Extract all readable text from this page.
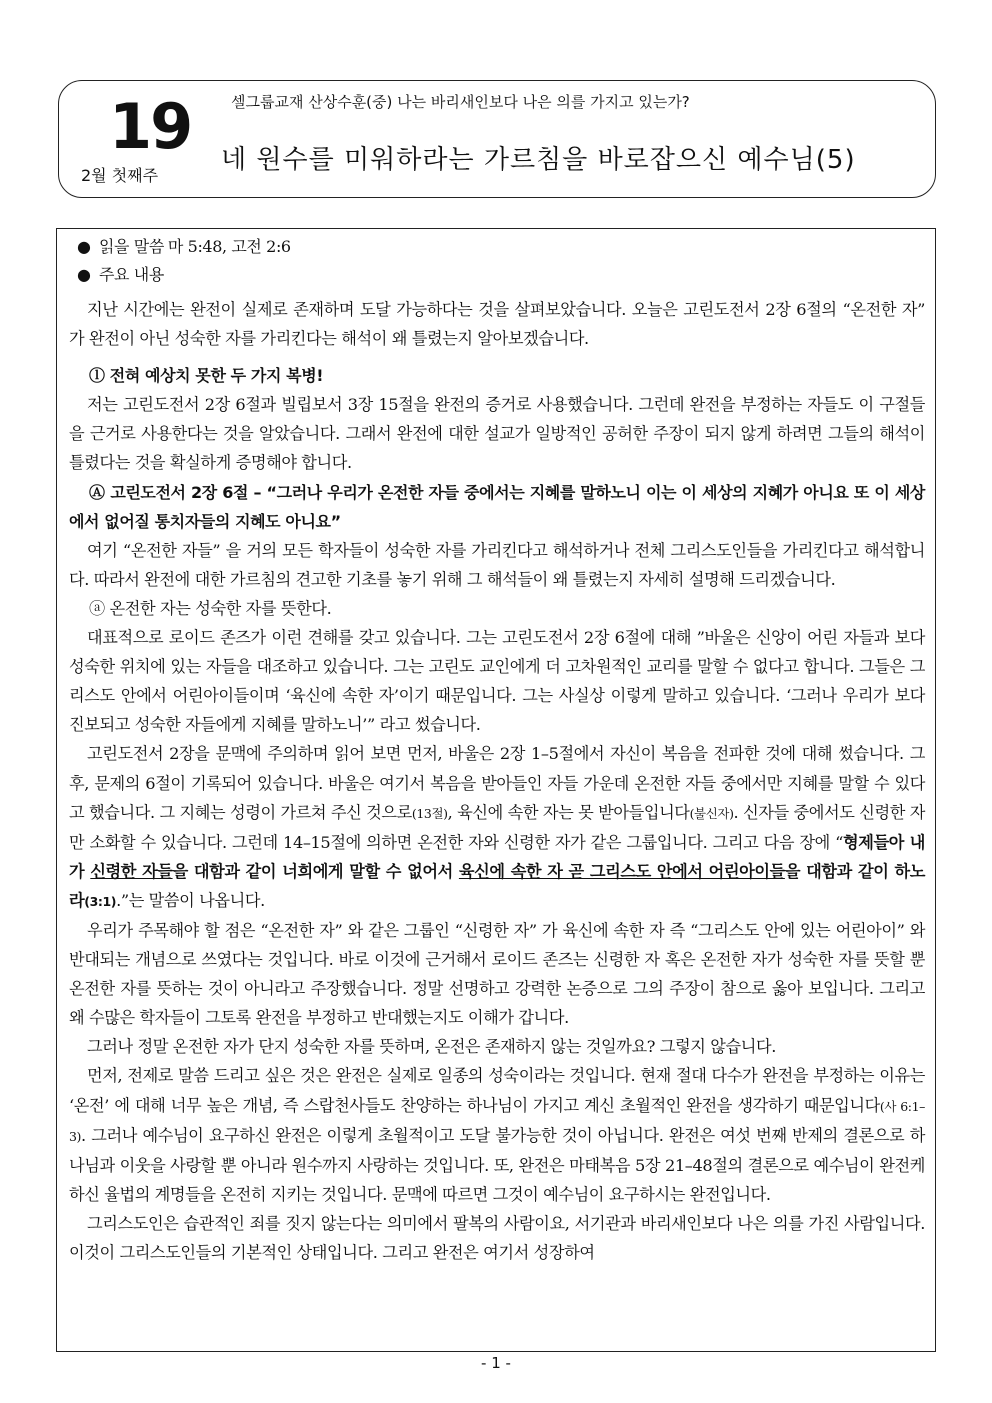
19
2월 첫째주
셀그룹교재 산상수훈(중) 나는 바리새인보다 나은 의를 가지고 있는가?
네 원수를 미워하라는 가르침을 바로잡으신 예수님(5)
● 읽을 말씀 마 5:48, 고전 2:6
● 주요 내용

지난 시간에는 완전이 실제로 존재하며 도달 가능하다는 것을 살펴보았습니다. 오늘은 고린도전서 2장 6절의 “온전한 자” 가 완전이 아닌 성숙한 자를 가리킨다는 해석이 왜 틀렸는지 알아보겠습니다.

ⓛ 전혀 예상치 못한 두 가지 복병!

저는 고린도전서 2장 6절과 빌립보서 3장 15절을 완전의 증거로 사용했습니다. 그런데 완전을 부정하는 자들도 이 구절들을 근거로 사용한다는 것을 알았습니다. 그래서 완전에 대한 설교가 일방적인 공허한 주장이 되지 않게 하려면 그들의 해석이 틀렸다는 것을 확실하게 증명해야 합니다.

Ⓐ 고린도전서 2장 6절 – “그러나 우리가 온전한 자들 중에서는 지혜를 말하노니 이는 이 세상의 지혜가 아니요 또 이 세상에서 없어질 통치자들의 지혜도 아니요”

여기 “온전한 자들” 을 거의 모든 학자들이 성숙한 자를 가리킨다고 해석하거나 전체 그리스도인들을 가리킨다고 해석합니다. 따라서 완전에 대한 가르침의 견고한 기초를 놓기 위해 그 해석들이 왜 틀렸는지 자세히 설명해 드리겠습니다.

ⓐ 온전한 자는 성숙한 자를 뜻한다.

대표적으로 로이드 존즈가 이런 견해를 갖고 있습니다. 그는 고린도전서 2장 6절에 대해 ”바울은 신앙이 어린 자들과 보다 성숙한 위치에 있는 자들을 대조하고 있습니다. 그는 고린도 교인에게 더 고차원적인 교리를 말할 수 없다고 합니다. 그들은 그리스도 안에서 어린아이들이며 ‘육신에 속한 자’이기 때문입니다. 그는 사실상 이렇게 말하고 있습니다. ‘그러나 우리가 보다 진보되고 성숙한 자들에게 지혜를 말하노니’” 라고 썼습니다.

고린도전서 2장을 문맥에 주의하며 읽어 보면 먼저, 바울은 2장 1–5절에서 자신이 복음을 전파한 것에 대해 썼습니다. 그 후, 문제의 6절이 기록되어 있습니다. 바울은 여기서 복음을 받아들인 자들 가운데 온전한 자들 중에서만 지혜를 말할 수 있다고 했습니다. 그 지혜는 성령이 가르쳐 주신 것으로(13절), 육신에 속한 자는 못 받아들입니다(불신자). 신자들 중에서도 신령한 자만 소화할 수 있습니다. 그런데 14–15절에 의하면 온전한 자와 신령한 자가 같은 그룹입니다. 그리고 다음 장에 “형제들아 내가 신령한 자들을 대함과 같이 너희에게 말할 수 없어서 육신에 속한 자 곧 그리스도 안에서 어린아이들을 대함과 같이 하노라(3:1).”는 말씀이 나옵니다.

우리가 주목해야 할 점은 “온전한 자” 와 같은 그룹인 “신령한 자” 가 육신에 속한 자 즉 “그리스도 안에 있는 어린아이” 와 반대되는 개념으로 쓰였다는 것입니다. 바로 이것에 근거해서 로이드 존즈는 신령한 자 혹은 온전한 자가 성숙한 자를 뜻할 뿐 온전한 자를 뜻하는 것이 아니라고 주장했습니다. 정말 선명하고 강력한 논증으로 그의 주장이 참으로 옳아 보입니다. 그리고 왜 수많은 학자들이 그토록 완전을 부정하고 반대했는지도 이해가 갑니다.

그러나 정말 온전한 자가 단지 성숙한 자를 뜻하며, 온전은 존재하지 않는 것일까요? 그렇지 않습니다.

먼저, 전제로 말씀 드리고 싶은 것은 완전은 실제로 일종의 성숙이라는 것입니다. 현재 절대 다수가 완전을 부정하는 이유는 ‘온전’ 에 대해 너무 높은 개념, 즉 스랍천사들도 찬양하는 하나님이 가지고 계신 초월적인 완전을 생각하기 때문입니다(사 6:1–3). 그러나 예수님이 요구하신 완전은 이렇게 초월적이고 도달 불가능한 것이 아닙니다. 완전은 여섯 번째 반제의 결론으로 하나님과 이웃을 사랑할 뿐 아니라 원수까지 사랑하는 것입니다. 또, 완전은 마태복음 5장 21–48절의 결론으로 예수님이 완전케 하신 율법의 계명들을 온전히 지키는 것입니다. 문맥에 따르면 그것이 예수님이 요구하시는 완전입니다.

그리스도인은 습관적인 죄를 짓지 않는다는 의미에서 팔복의 사람이요, 서기관과 바리새인보다 나은 의를 가진 사람입니다. 이것이 그리스도인들의 기본적인 상태입니다. 그리고 완전은 여기서 성장하여

- 1 -
